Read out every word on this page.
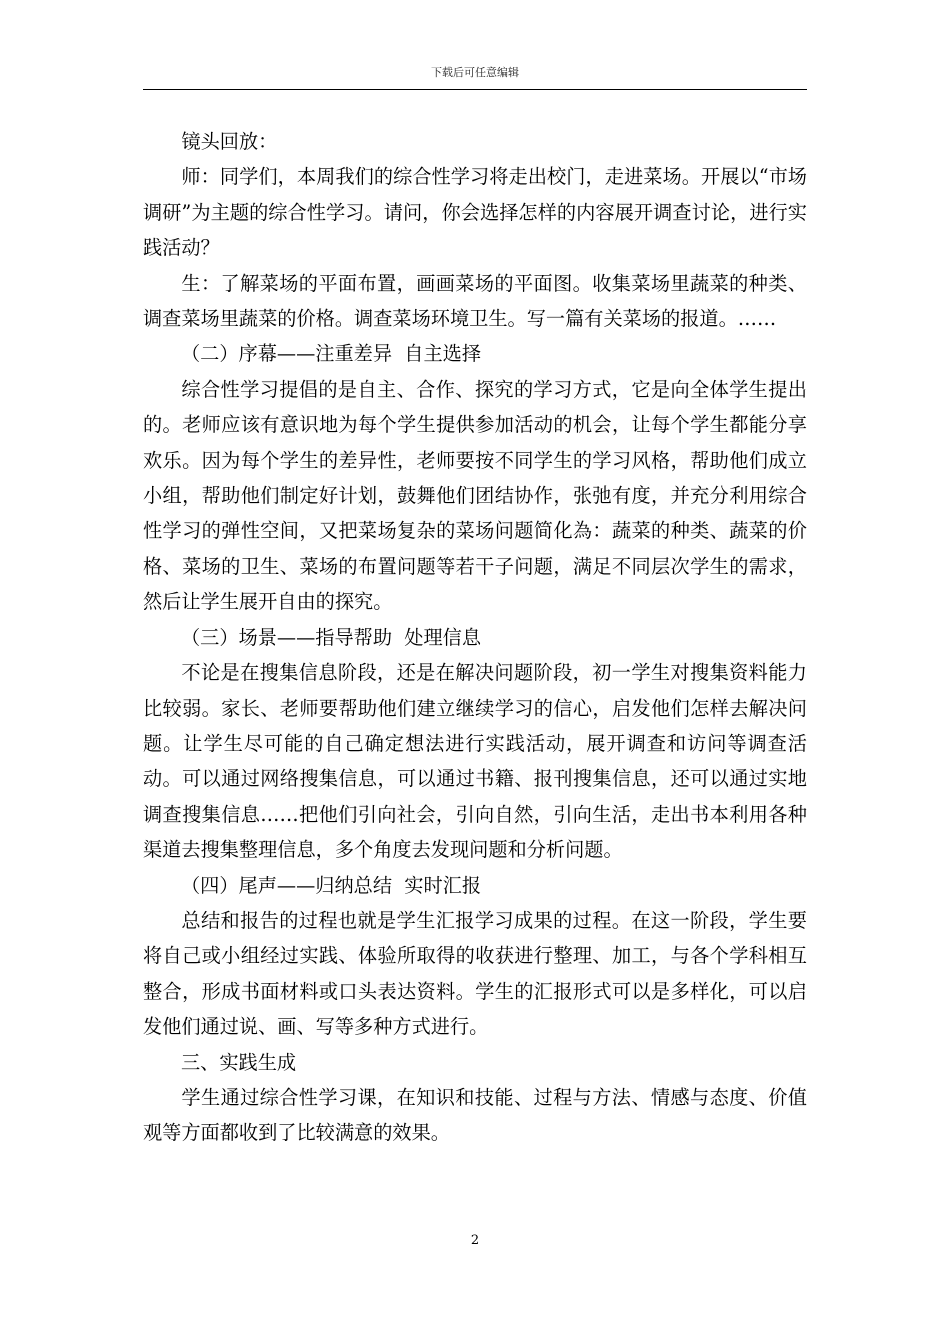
下载后可任意编辑

镜头回放：

师：同学们，本周我们的综合性学习将走出校门，走进菜场。开展以“市场调研”为主题的综合性学习。请问，你会选择怎样的内容展开调查讨论，进行实践活动？

生：了解菜场的平面布置，画画菜场的平面图。收集菜场里蔬菜的种类、调查菜场里蔬菜的价格。调查菜场环境卫生。写一篇有关菜场的报道。……

（二）序幕——注重差异  自主选择

综合性学习提倡的是自主、合作、探究的学习方式，它是向全体学生提出的。老师应该有意识地为每个学生提供参加活动的机会，让每个学生都能分享欢乐。因为每个学生的差异性，老师要按不同学生的学习风格，帮助他们成立小组，帮助他们制定好计划，鼓舞他们团结协作，张弛有度，并充分利用综合性学习的弹性空间，又把菜场复杂的菜场问题简化為：蔬菜的种类、蔬菜的价格、菜场的卫生、菜场的布置问题等若干子问题，满足不同层次学生的需求，然后让学生展开自由的探究。

（三）场景——指导帮助  处理信息

不论是在搜集信息阶段，还是在解决问题阶段，初一学生对搜集资料能力比较弱。家长、老师要帮助他们建立继续学习的信心，启发他们怎样去解决问题。让学生尽可能的自己确定想法进行实践活动，展开调查和访问等调查活动。可以通过网络搜集信息，可以通过书籍、报刊搜集信息，还可以通过实地调查搜集信息……把他们引向社会，引向自然，引向生活，走出书本利用各种渠道去搜集整理信息，多个角度去发现问题和分析问题。

（四）尾声——归纳总结  实时汇报

总结和报告的过程也就是学生汇报学习成果的过程。在这一阶段，学生要将自己或小组经过实践、体验所取得的收获进行整理、加工，与各个学科相互整合，形成书面材料或口头表达资料。学生的汇报形式可以是多样化，可以启发他们通过说、画、写等多种方式进行。

三、实践生成

学生通过综合性学习课，在知识和技能、过程与方法、情感与态度、价值观等方面都收到了比较满意的效果。

2
